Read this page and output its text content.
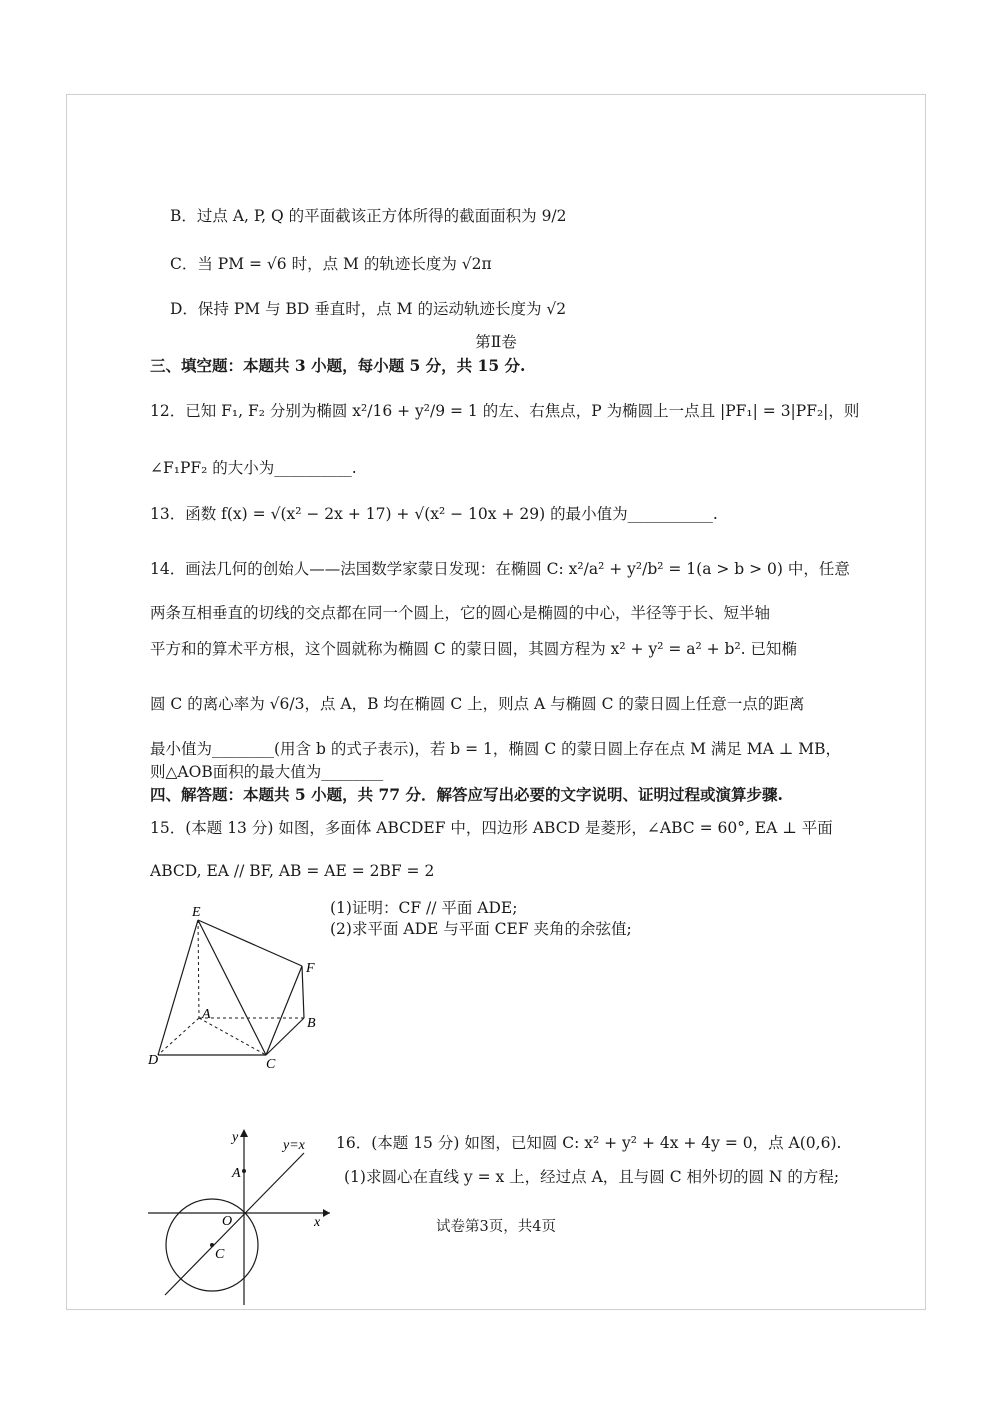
B．过点 A, P, Q 的平面截该正方体所得的截面面积为 9/2
C．当 PM = √6 时，点 M 的轨迹长度为 √2π
D．保持 PM 与 BD 垂直时，点 M 的运动轨迹长度为 √2
第Ⅱ卷
三、填空题：本题共 3 小题，每小题 5 分，共 15 分.
12．已知 F₁, F₂ 分别为椭圆 x²/16 + y²/9 = 1 的左、右焦点，P 为椭圆上一点且 |PF₁| = 3|PF₂|，则
∠F₁PF₂ 的大小为__________.
13．函数 f(x) = √(x² − 2x + 17) + √(x² − 10x + 29) 的最小值为___________.
14．画法几何的创始人——法国数学家蒙日发现：在椭圆 C: x²/a² + y²/b² = 1(a > b > 0) 中，任意
两条互相垂直的切线的交点都在同一个圆上，它的圆心是椭圆的中心，半径等于长、短半轴
平方和的算术平方根，这个圆就称为椭圆 C 的蒙日圆，其圆方程为 x² + y² = a² + b². 已知椭
圆 C 的离心率为 √6/3，点 A，B 均在椭圆 C 上，则点 A 与椭圆 C 的蒙日圆上任意一点的距离
最小值为________(用含 b 的式子表示)，若 b = 1，椭圆 C 的蒙日圆上存在点 M 满足 MA ⊥ MB，
则△AOB面积的最大值为________
四、解答题：本题共 5 小题，共 77 分．解答应写出必要的文字说明、证明过程或演算步骤.
15．(本题 13 分) 如图，多面体 ABCDEF 中，四边形 ABCD 是菱形，∠ABC = 60°, EA ⊥ 平面
ABCD, EA // BF, AB = AE = 2BF = 2
(1)证明：CF // 平面 ADE;
(2)求平面 ADE 与平面 CEF 夹角的余弦值;
E
F
A
B
C
D
16．(本题 15 分) 如图，已知圆 C: x² + y² + 4x + 4y = 0，点 A(0,6).
(1)求圆心在直线 y = x 上，经过点 A，且与圆 C 相外切的圆 N 的方程;
y
x
O
A
C
y=x
试卷第3页，共4页
